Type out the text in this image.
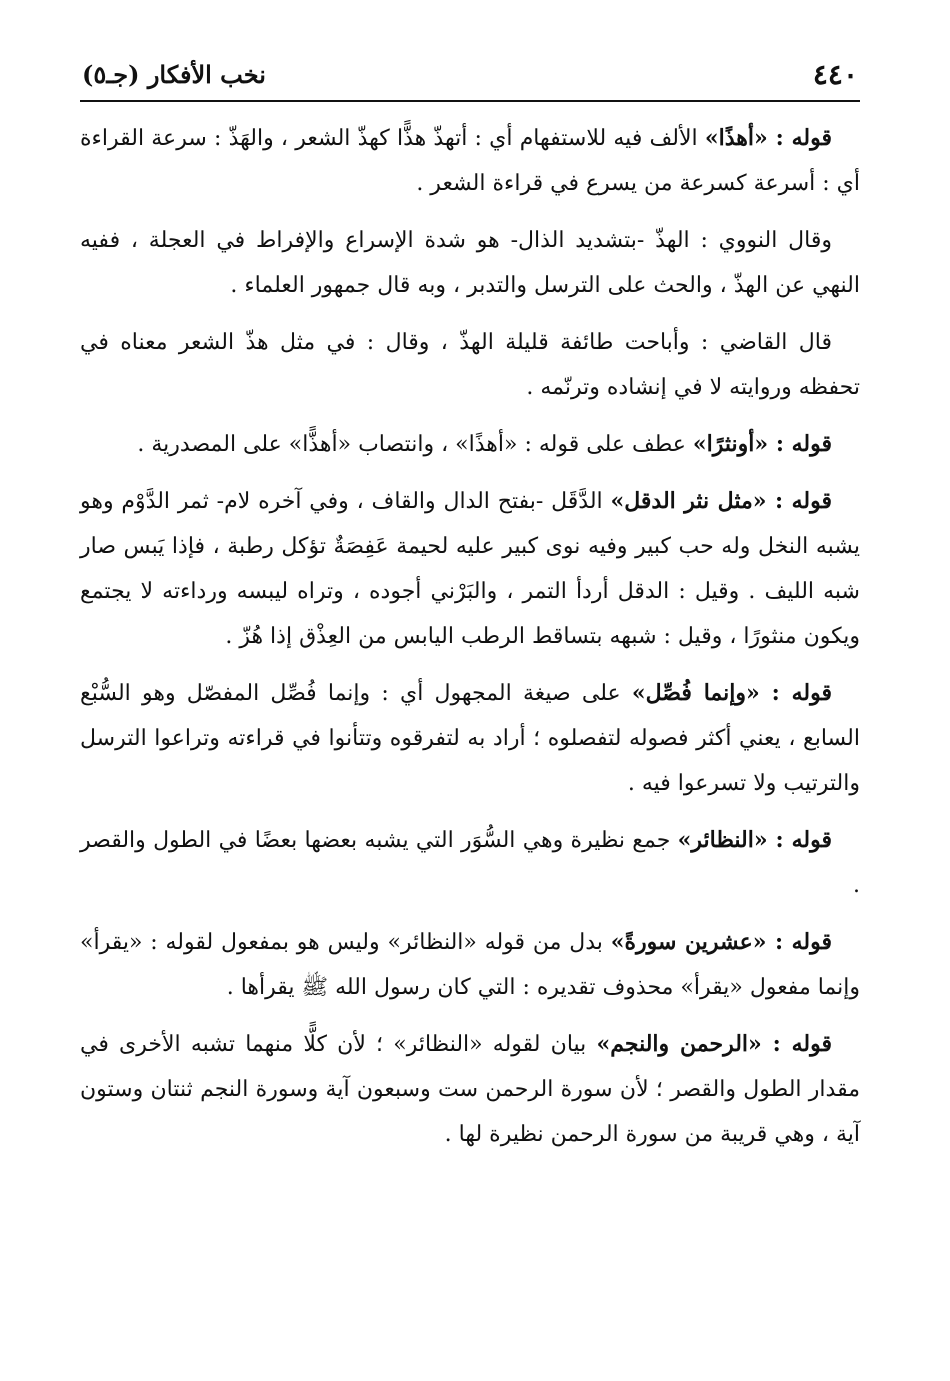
٤٤٠
نخب الأفكار (جـ٥)

قوله : «أهذًا» الألف فيه للاستفهام أي : أتهذّ هذًّا كهذّ الشعر ، والهَذّ : سرعة القراءة أي : أسرعة كسرعة من يسرع في قراءة الشعر .

وقال النووي : الهذّ -بتشديد الذال- هو شدة الإسراع والإفراط في العجلة ، ففيه النهي عن الهذّ ، والحث على الترسل والتدبر ، وبه قال جمهور العلماء .

قال القاضي : وأباحت طائفة قليلة الهذّ ، وقال : في مثل هذّ الشعر معناه في تحفظه وروايته لا في إنشاده وترنّمه .

قوله : «أونثرًا» عطف على قوله : «أهذًا» ، وانتصاب «أهذًّا» على المصدرية .

قوله : «مثل نثر الدقل» الدَّقَل -بفتح الدال والقاف ، وفي آخره لام- ثمر الدَّوْم وهو يشبه النخل وله حب كبير وفيه نوى كبير عليه لحيمة عَفِصَةٌ تؤكل رطبة ، فإذا يَبس صار شبه الليف . وقيل : الدقل أردأ التمر ، والبَرْني أجوده ، وتراه ليبسه ورداءته لا يجتمع ويكون منثورًا ، وقيل : شبهه بتساقط الرطب اليابس من العِذْق إذا هُزّ .

قوله : «وإنما فُصِّل» على صيغة المجهول أي : وإنما فُصِّل المفصّل وهو السُّبْع السابع ، يعني أكثر فصوله لتفصلوه ؛ أراد به لتفرقوه وتتأنوا في قراءته وتراعوا الترسل والترتيب ولا تسرعوا فيه .

قوله : «النظائر» جمع نظيرة وهي السُّوَر التي يشبه بعضها بعضًا في الطول والقصر .

قوله : «عشرين سورةً» بدل من قوله «النظائر» وليس هو بمفعول لقوله : «يقرأ» وإنما مفعول «يقرأ» محذوف تقديره : التي كان رسول الله ﷺ يقرأها .

قوله : «الرحمن والنجم» بيان لقوله «النظائر» ؛ لأن كلًّا منهما تشبه الأخرى في مقدار الطول والقصر ؛ لأن سورة الرحمن ست وسبعون آية وسورة النجم ثنتان وستون آية ، وهي قريبة من سورة الرحمن نظيرة لها .
